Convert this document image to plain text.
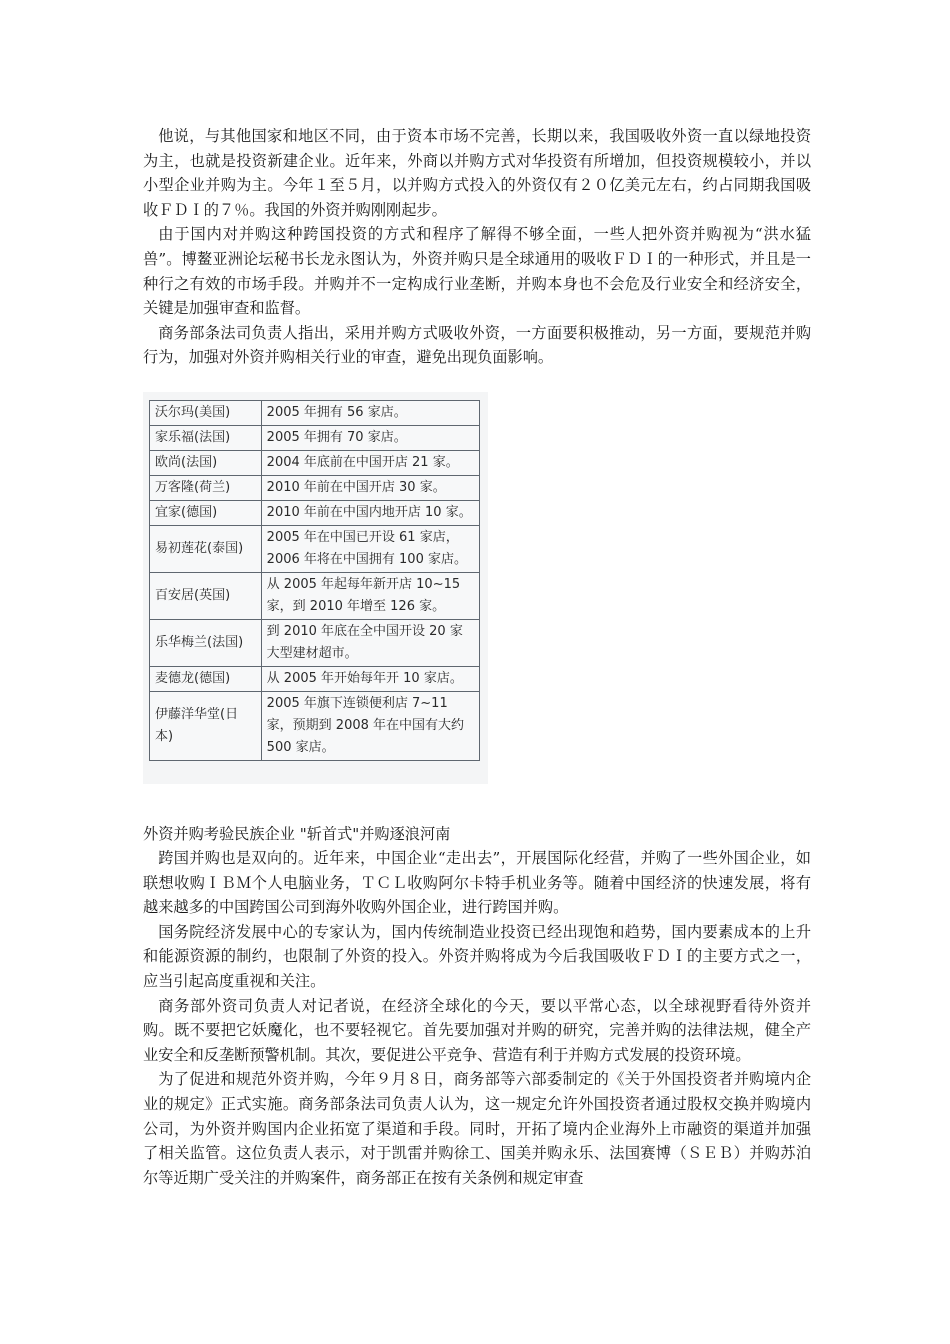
他说，与其他国家和地区不同，由于资本市场不完善，长期以来，我国吸收外资一直以绿地投资为主，也就是投资新建企业。近年来，外商以并购方式对华投资有所增加，但投资规模较小，并以小型企业并购为主。今年１至５月，以并购方式投入的外资仅有２０亿美元左右，约占同期我国吸收ＦＤＩ的７％。我国的外资并购刚刚起步。

由于国内对并购这种跨国投资的方式和程序了解得不够全面，一些人把外资并购视为“洪水猛兽”。博鳌亚洲论坛秘书长龙永图认为，外资并购只是全球通用的吸收ＦＤＩ的一种形式，并且是一种行之有效的市场手段。并购并不一定构成行业垄断，并购本身也不会危及行业安全和经济安全，关键是加强审查和监督。

商务部条法司负责人指出，采用并购方式吸收外资，一方面要积极推动，另一方面，要规范并购行为，加强对外资并购相关行业的审查，避免出现负面影响。

沃尔玛(美国)	2005 年拥有 56 家店。
家乐福(法国)	2005 年拥有 70 家店。
欧尚(法国)	2004 年底前在中国开店 21 家。
万客隆(荷兰)	2010 年前在中国开店 30 家。
宜家(德国)	2010 年前在中国内地开店 10 家。
易初莲花(泰国)	2005 年在中国已开设 61 家店，2006 年将在中国拥有 100 家店。
百安居(英国)	从 2005 年起每年新开店 10~15 家，到 2010 年增至 126 家。
乐华梅兰(法国)	到 2010 年底在全中国开设 20 家大型建材超市。
麦德龙(德国)	从 2005 年开始每年开 10 家店。
伊藤洋华堂(日本)	2005 年旗下连锁便利店 7~11 家，预期到 2008 年在中国有大约 500 家店。

外资并购考验民族企业 "斩首式"并购逐浪河南

跨国并购也是双向的。近年来，中国企业“走出去”，开展国际化经营，并购了一些外国企业，如联想收购ＩＢＭ个人电脑业务，ＴＣＬ收购阿尔卡特手机业务等。随着中国经济的快速发展，将有越来越多的中国跨国公司到海外收购外国企业，进行跨国并购。

国务院经济发展中心的专家认为，国内传统制造业投资已经出现饱和趋势，国内要素成本的上升和能源资源的制约，也限制了外资的投入。外资并购将成为今后我国吸收ＦＤＩ的主要方式之一，应当引起高度重视和关注。

商务部外资司负责人对记者说，在经济全球化的今天，要以平常心态，以全球视野看待外资并购。既不要把它妖魔化，也不要轻视它。首先要加强对并购的研究，完善并购的法律法规，健全产业安全和反垄断预警机制。其次，要促进公平竞争、营造有利于并购方式发展的投资环境。

为了促进和规范外资并购，今年９月８日，商务部等六部委制定的《关于外国投资者并购境内企业的规定》正式实施。商务部条法司负责人认为，这一规定允许外国投资者通过股权交换并购境内公司，为外资并购国内企业拓宽了渠道和手段。同时，开拓了境内企业海外上市融资的渠道并加强了相关监管。这位负责人表示，对于凯雷并购徐工、国美并购永乐、法国赛博（ＳＥＢ）并购苏泊尔等近期广受关注的并购案件，商务部正在按有关条例和规定审查
